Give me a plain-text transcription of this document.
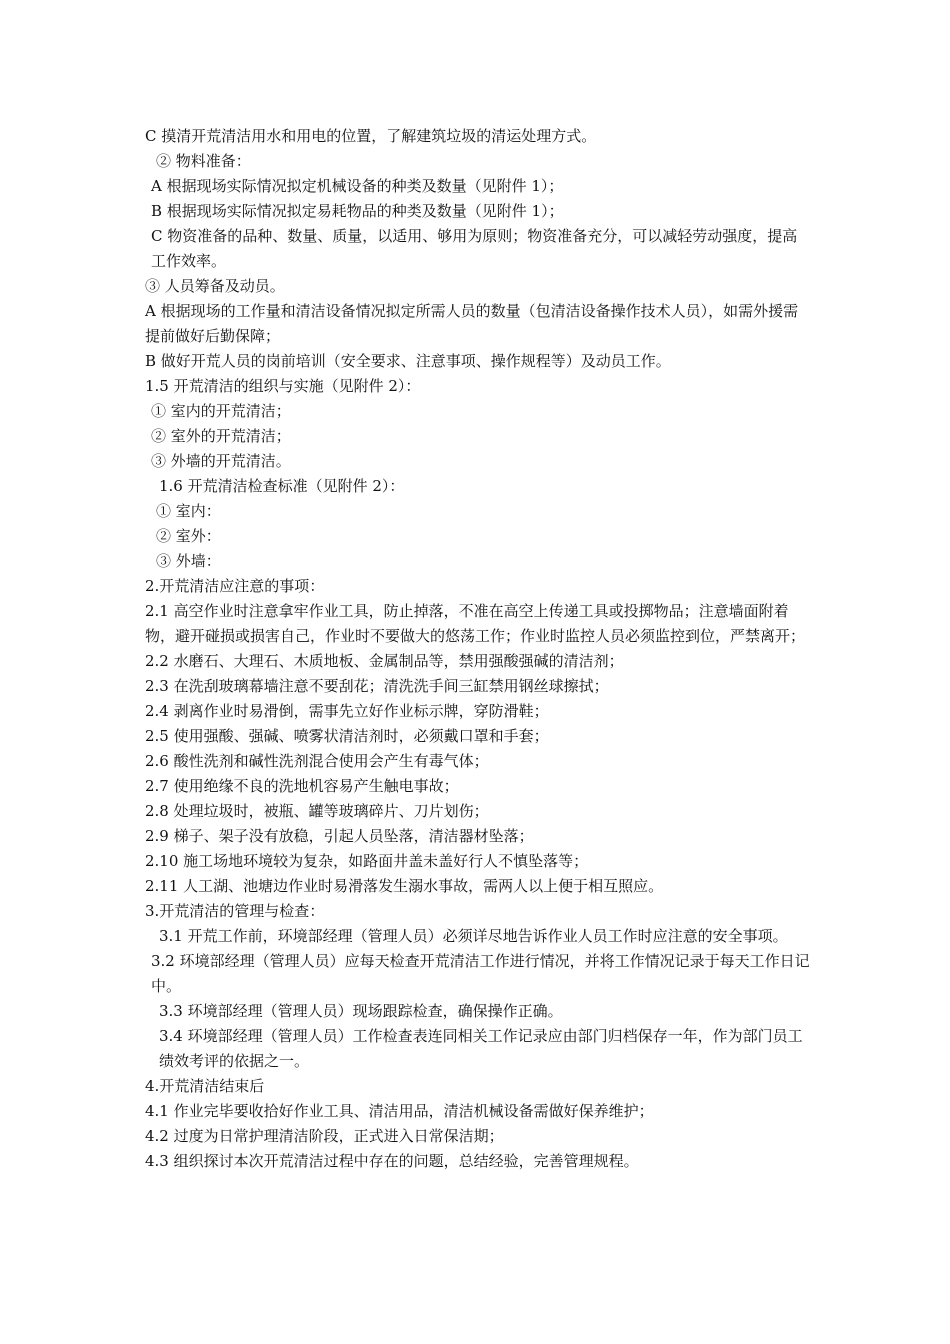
C 摸清开荒清洁用水和用电的位置，了解建筑垃圾的清运处理方式。

② 物料准备：

A 根据现场实际情况拟定机械设备的种类及数量（见附件 1）；

B 根据现场实际情况拟定易耗物品的种类及数量（见附件 1）；

C 物资准备的品种、数量、质量，以适用、够用为原则；物资准备充分，可以减轻劳动强度，提高工作效率。

③ 人员筹备及动员。

A 根据现场的工作量和清洁设备情况拟定所需人员的数量（包清洁设备操作技术人员），如需外援需提前做好后勤保障；

B 做好开荒人员的岗前培训（安全要求、注意事项、操作规程等）及动员工作。

1.5 开荒清洁的组织与实施（见附件 2）：

① 室内的开荒清洁；

② 室外的开荒清洁；

③ 外墙的开荒清洁。

1.6 开荒清洁检查标准（见附件 2）：

① 室内：

② 室外：

③ 外墙：

2.开荒清洁应注意的事项：

2.1 高空作业时注意拿牢作业工具，防止掉落，不准在高空上传递工具或投掷物品；注意墙面附着物，避开碰损或损害自己，作业时不要做大的悠荡工作；作业时监控人员必须监控到位，严禁离开；

2.2 水磨石、大理石、木质地板、金属制品等，禁用强酸强碱的清洁剂；

2.3 在洗刮玻璃幕墙注意不要刮花；清洗洗手间三缸禁用钢丝球擦拭；

2.4 剥离作业时易滑倒，需事先立好作业标示牌，穿防滑鞋；

2.5 使用强酸、强碱、喷雾状清洁剂时，必须戴口罩和手套；

2.6 酸性洗剂和碱性洗剂混合使用会产生有毒气体；

2.7 使用绝缘不良的洗地机容易产生触电事故；

2.8 处理垃圾时，被瓶、罐等玻璃碎片、刀片划伤；

2.9 梯子、架子没有放稳，引起人员坠落，清洁器材坠落；

2.10 施工场地环境较为复杂，如路面井盖未盖好行人不慎坠落等；

2.11 人工湖、池塘边作业时易滑落发生溺水事故，需两人以上便于相互照应。

3.开荒清洁的管理与检查：

3.1 开荒工作前，环境部经理（管理人员）必须详尽地告诉作业人员工作时应注意的安全事项。

3.2 环境部经理（管理人员）应每天检查开荒清洁工作进行情况，并将工作情况记录于每天工作日记中。

3.3 环境部经理（管理人员）现场跟踪检查，确保操作正确。

3.4 环境部经理（管理人员）工作检查表连同相关工作记录应由部门归档保存一年，作为部门员工绩效考评的依据之一。

4.开荒清洁结束后

4.1 作业完毕要收拾好作业工具、清洁用品，清洁机械设备需做好保养维护；

4.2 过度为日常护理清洁阶段，正式进入日常保洁期；

4.3 组织探讨本次开荒清洁过程中存在的问题，总结经验，完善管理规程。
